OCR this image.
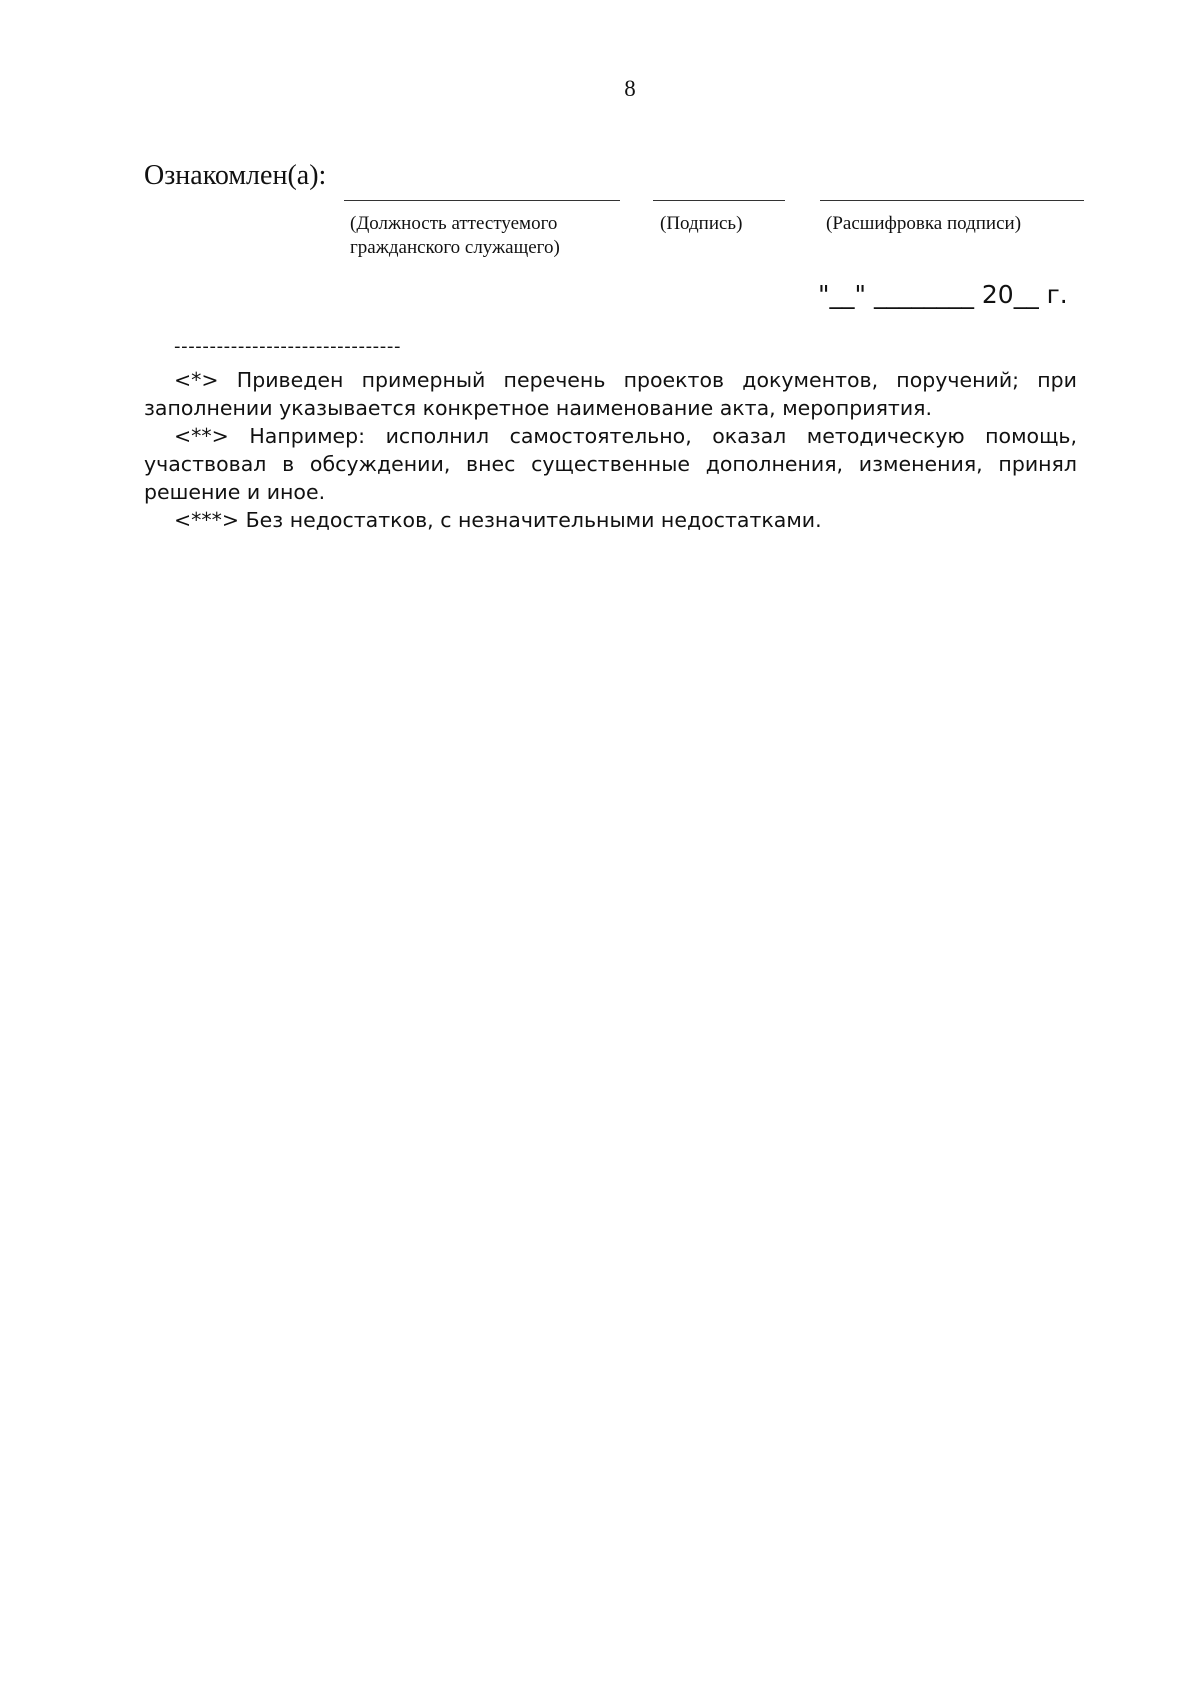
8
Ознакомлен(а):
(Должность аттестуемого гражданского служащего)
(Подпись)	(Расшифровка подписи)
"__" ________ 20__ г.
--------------------------------

<*> Приведен примерный перечень проектов документов, поручений; при заполнении указывается конкретное наименование акта, мероприятия.

<**> Например: исполнил самостоятельно, оказал методическую помощь, участвовал в обсуждении, внес существенные дополнения, изменения, принял решение и иное.

<***> Без недостатков, с незначительными недостатками.
